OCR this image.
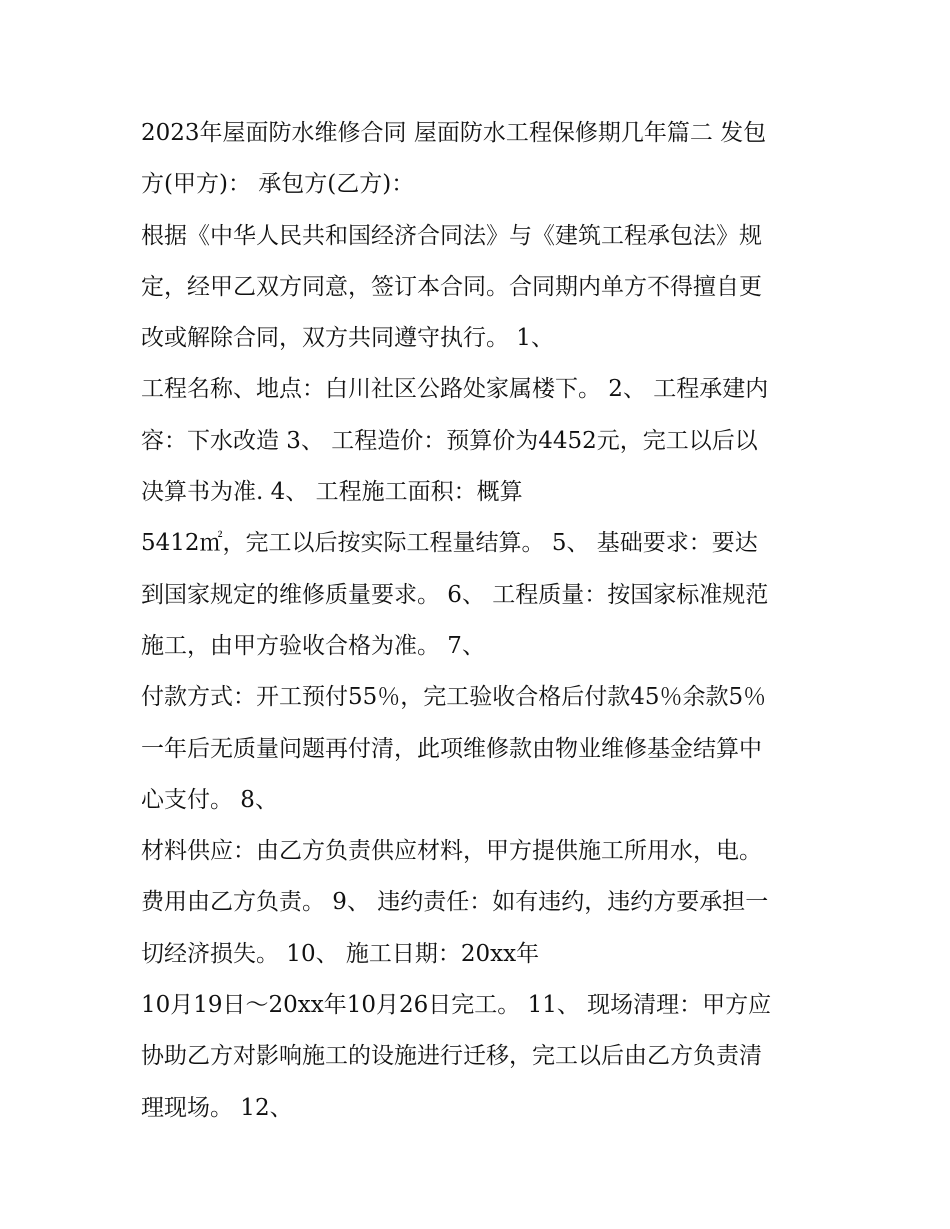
2023年屋面防水维修合同 屋面防水工程保修期几年篇二 发包
方(甲方)： 承包方(乙方)：
根据《中华人民共和国经济合同法》与《建筑工程承包法》规
定，经甲乙双方同意，签订本合同。合同期内单方不得擅自更
改或解除合同，双方共同遵守执行。 1、
工程名称、地点：白川社区公路处家属楼下。 2、 工程承建内
容：下水改造 3、 工程造价：预算价为4452元，完工以后以
决算书为准. 4、 工程施工面积：概算
5412㎡，完工以后按实际工程量结算。 5、 基础要求：要达
到国家规定的维修质量要求。 6、 工程质量：按国家标准规范
施工，由甲方验收合格为准。 7、
付款方式：开工预付55％，完工验收合格后付款45％余款5％
一年后无质量问题再付清，此项维修款由物业维修基金结算中
心支付。 8、
材料供应：由乙方负责供应材料，甲方提供施工所用水，电。
费用由乙方负责。 9、 违约责任：如有违约，违约方要承担一
切经济损失。 10、 施工日期：20xx年
10月19日～20xx年10月26日完工。 11、 现场清理：甲方应
协助乙方对影响施工的设施进行迁移，完工以后由乙方负责清
理现场。 12、
